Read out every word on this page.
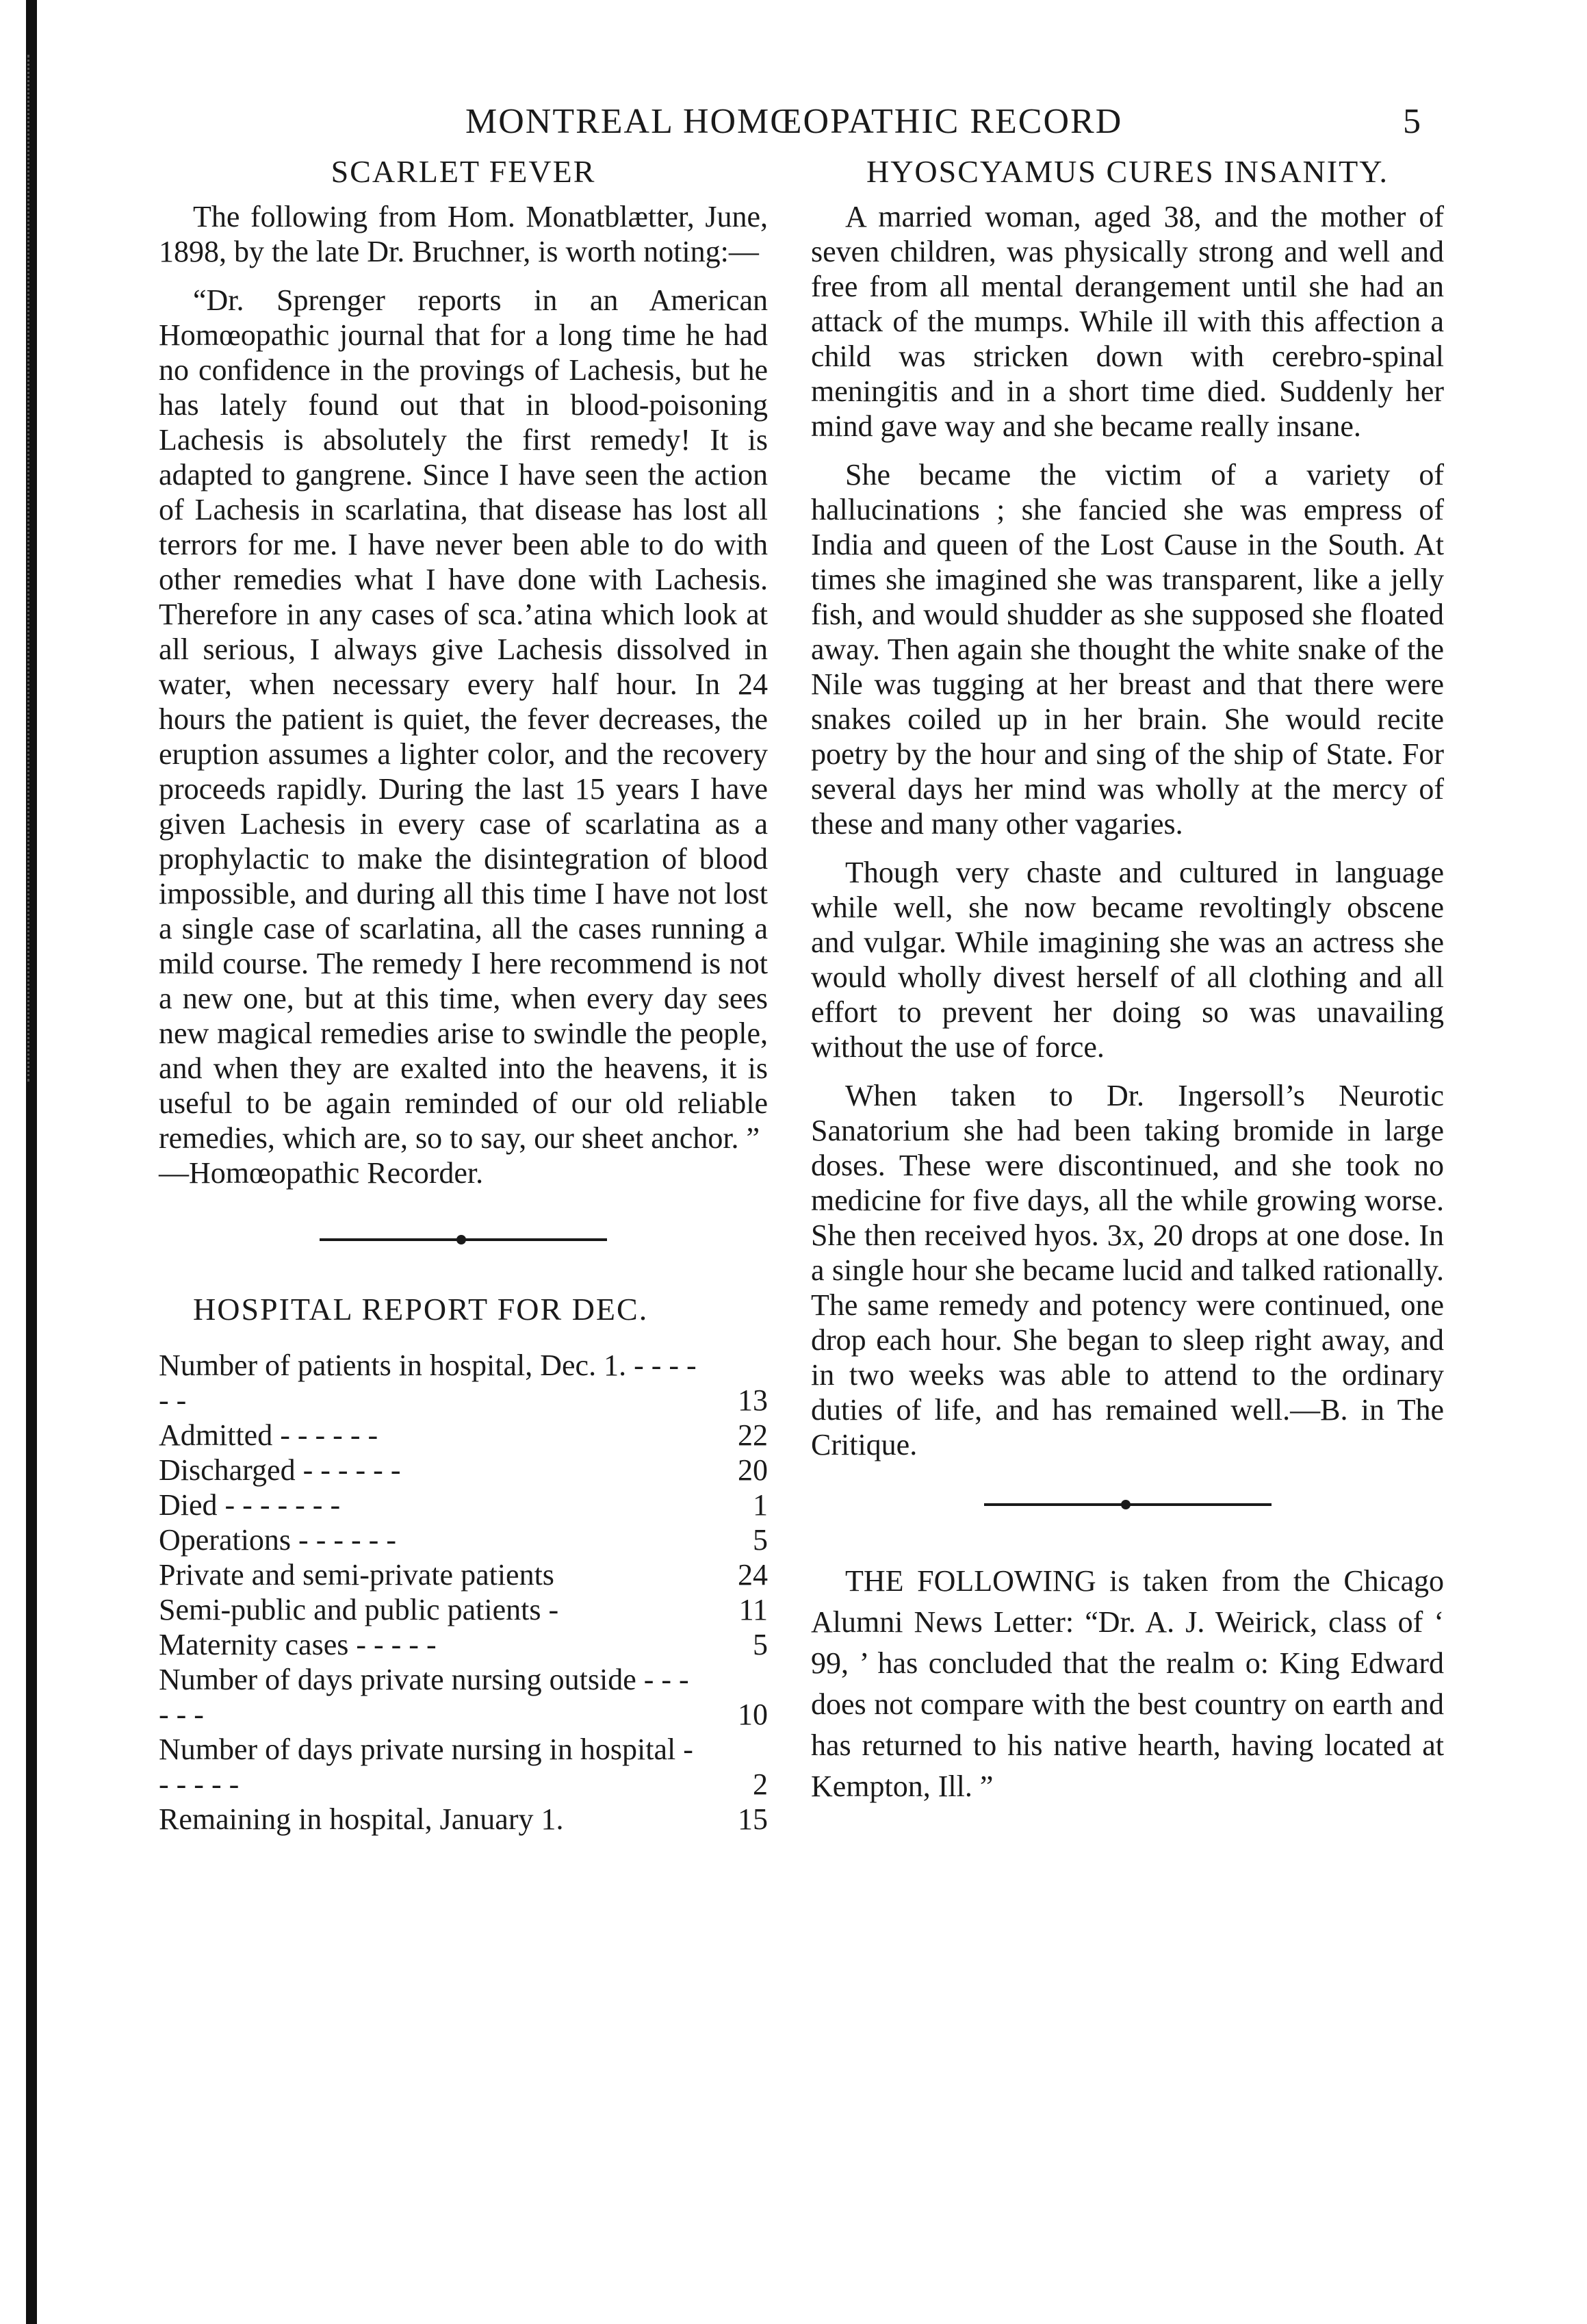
MONTREAL HOMŒOPATHIC RECORD	5
SCARLET FEVER

The following from Hom. Monatblætter, June, 1898, by the late Dr. Bruchner, is worth noting:—

“Dr. Sprenger reports in an American Homœopathic journal that for a long time he had no confidence in the provings of Lachesis, but he has lately found out that in blood-poisoning Lachesis is absolutely the first remedy! It is adapted to gangrene. Since I have seen the action of Lachesis in scarlatina, that disease has lost all terrors for me. I have never been able to do with other remedies what I have done with Lachesis. Therefore in any cases of sca.’atina which look at all serious, I always give Lachesis dissolved in water, when necessary every half hour. In 24 hours the patient is quiet, the fever decreases, the eruption assumes a lighter color, and the recovery proceeds rapidly. During the last 15 years I have given Lachesis in every case of scarlatina as a prophylactic to make the disintegration of blood impossible, and during all this time I have not lost a single case of scarlatina, all the cases running a mild course. The remedy I here recommend is not a new one, but at this time, when every day sees new magical remedies arise to swindle the people, and when they are exalted into the heavens, it is useful to be again reminded of our old reliable remedies, which are, so to say, our sheet anchor. ”

—Homœopathic Recorder.

HOSPITAL REPORT FOR DEC.
Number of patients in hospital, Dec. 1. - - - - - -	13
Admitted - - - - - -	22
Discharged - - - - - -	20
Died - - - - - - -	1
Operations - - - - - -	5
Private and semi-private patients	24
Semi-public and public patients -	11
Maternity cases - - - - -	5
Number of days private nursing outside - - - - - -	10
Number of days private nursing in hospital - - - - - -	2
Remaining in hospital, January 1.	15
HYOSCYAMUS CURES INSANITY.

A married woman, aged 38, and the mother of seven children, was physically strong and well and free from all mental derangement until she had an attack of the mumps. While ill with this affection a child was stricken down with cerebro-spinal meningitis and in a short time died. Suddenly her mind gave way and she became really insane.

She became the victim of a variety of hallucinations ; she fancied she was empress of India and queen of the Lost Cause in the South. At times she imagined she was transparent, like a jelly fish, and would shudder as she supposed she floated away. Then again she thought the white snake of the Nile was tugging at her breast and that there were snakes coiled up in her brain. She would recite poetry by the hour and sing of the ship of State. For several days her mind was wholly at the mercy of these and many other vagaries.

Though very chaste and cultured in language while well, she now became revoltingly obscene and vulgar. While imagining she was an actress she would wholly divest herself of all clothing and all effort to prevent her doing so was unavailing without the use of force.

When taken to Dr. Ingersoll’s Neurotic Sanatorium she had been taking bromide in large doses. These were discontinued, and she took no medicine for five days, all the while growing worse. She then received hyos. 3x, 20 drops at one dose. In a single hour she became lucid and talked rationally. The same remedy and potency were continued, one drop each hour. She began to sleep right away, and in two weeks was able to attend to the ordinary duties of life, and has remained well.—B. in The Critique.

THE FOLLOWING is taken from the Chicago Alumni News Letter: “Dr. A. J. Weirick, class of ‘ 99, ’ has concluded that the realm o: King Edward does not compare with the best country on earth and has returned to his native hearth, having located at Kempton, Ill. ”
